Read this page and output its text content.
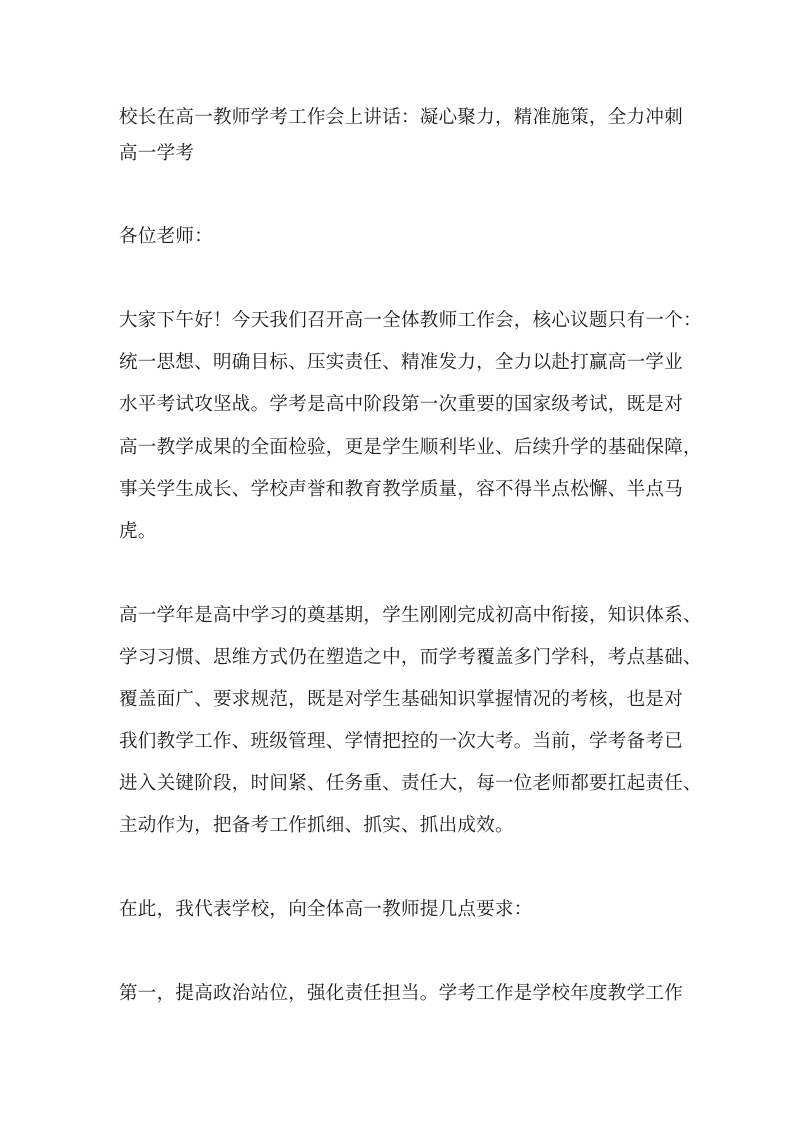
校长在高一教师学考工作会上讲话：凝心聚力，精准施策，全力冲刺
高一学考
各位老师：
大家下午好！今天我们召开高一全体教师工作会，核心议题只有一个：
统一思想、明确目标、压实责任、精准发力，全力以赴打赢高一学业
水平考试攻坚战。学考是高中阶段第一次重要的国家级考试，既是对
高一教学成果的全面检验，更是学生顺利毕业、后续升学的基础保障，
事关学生成长、学校声誉和教育教学质量，容不得半点松懈、半点马
虎。
高一学年是高中学习的奠基期，学生刚刚完成初高中衔接，知识体系、
学习习惯、思维方式仍在塑造之中，而学考覆盖多门学科，考点基础、
覆盖面广、要求规范，既是对学生基础知识掌握情况的考核，也是对
我们教学工作、班级管理、学情把控的一次大考。当前，学考备考已
进入关键阶段，时间紧、任务重、责任大，每一位老师都要扛起责任、
主动作为，把备考工作抓细、抓实、抓出成效。
在此，我代表学校，向全体高一教师提几点要求：
第一，提高政治站位，强化责任担当。学考工作是学校年度教学工作
